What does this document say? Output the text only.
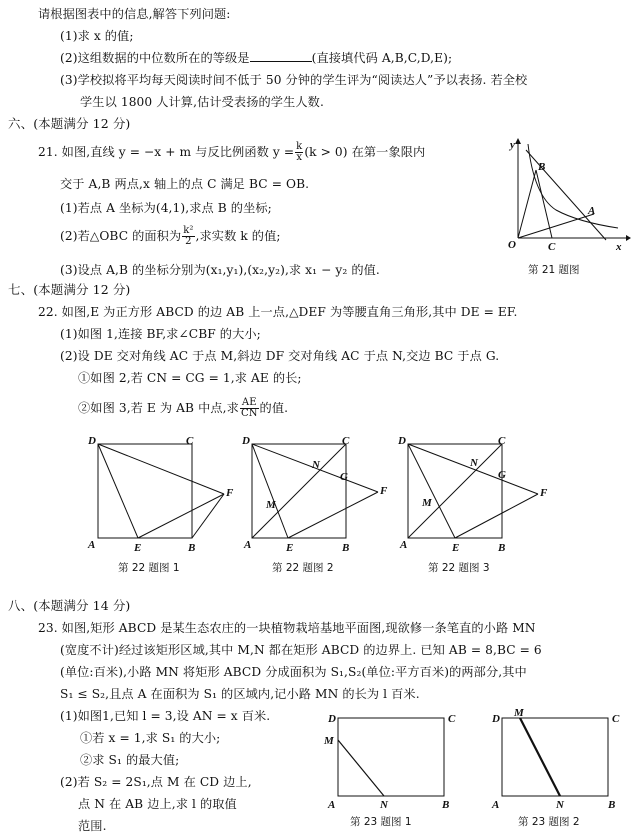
请根据图表中的信息,解答下列问题:
(1)求 x 的值;
(2)这组数据的中位数所在的等级是	(直接填代码 A,B,C,D,E);
(3)学校拟将平均每天阅读时间不低于 50 分钟的学生评为“阅读达人”予以表扬. 若全校
学生以 1800 人计算,估计受表扬的学生人数.
六、(本题满分 12 分)
21. 如图,直线 y = −x + m 与反比例函数 $y = \frac{k}{x} (k > 0)$ 在第一象限内
交于 A,B 两点,x 轴上的点 C 满足 BC = OB.
(1)若点 A 坐标为(4,1),求点 B 的坐标;
(2)若△OBC 的面积为 $\frac{\text{k²}}{2}$ ,求实数 k 的值;
(3)设点 A,B 的坐标分别为(x₁,y₁),(x₂,y₂),求 x₁ − y₂ 的值.
y
x
O
B
A
C
第 21 题图
七、(本题满分 12 分)
22. 如图,E 为正方形 ABCD 的边 AB 上一点,△DEF 为等腰直角三角形,其中 DE = EF.
(1)如图 1,连接 BF,求∠CBF 的大小;
(2)设 DE 交对角线 AC 于点 M,斜边 DF 交对角线 AC 于点 N,交边 BC 于点 G.
①如图 2,若 CN = CG = 1,求 AE 的长;
②如图 3,若 E 为 AB 中点,求 $\frac{AE}{CN}$ 的值.
D	C
F
A	E	B
第 22 题图 1
D	C
N
G
F
M
A	E	B
第 22 题图 2
D	C
N
G
F
M
A	E	B
第 22 题图 3
八、(本题满分 14 分)
23. 如图,矩形 ABCD 是某生态农庄的一块植物栽培基地平面图,现欲修一条笔直的小路 MN
(宽度不计)经过该矩形区域,其中 M,N 都在矩形 ABCD 的边界上. 已知 AB = 8,BC = 6
(单位:百米),小路 MN 将矩形 ABCD 分成面积为 S₁,S₂(单位:平方百米)的两部分,其中
S₁ ≤ S₂,且点 A 在面积为 S₁ 的区域内,记小路 MN 的长为 l 百米.
(1)如图1,已知 l = 3,设 AN = x 百米.
①若 x = 1,求 S₁ 的大小;
②求 S₁ 的最大值;
(2)若 S₂ = 2S₁,点 M 在 CD 边上,
点 N 在 AB 边上,求 l 的取值
范围.
D	C
M
A	N	B
第 23 题图 1
D M	C
A	N	B
第 23 题图 2
